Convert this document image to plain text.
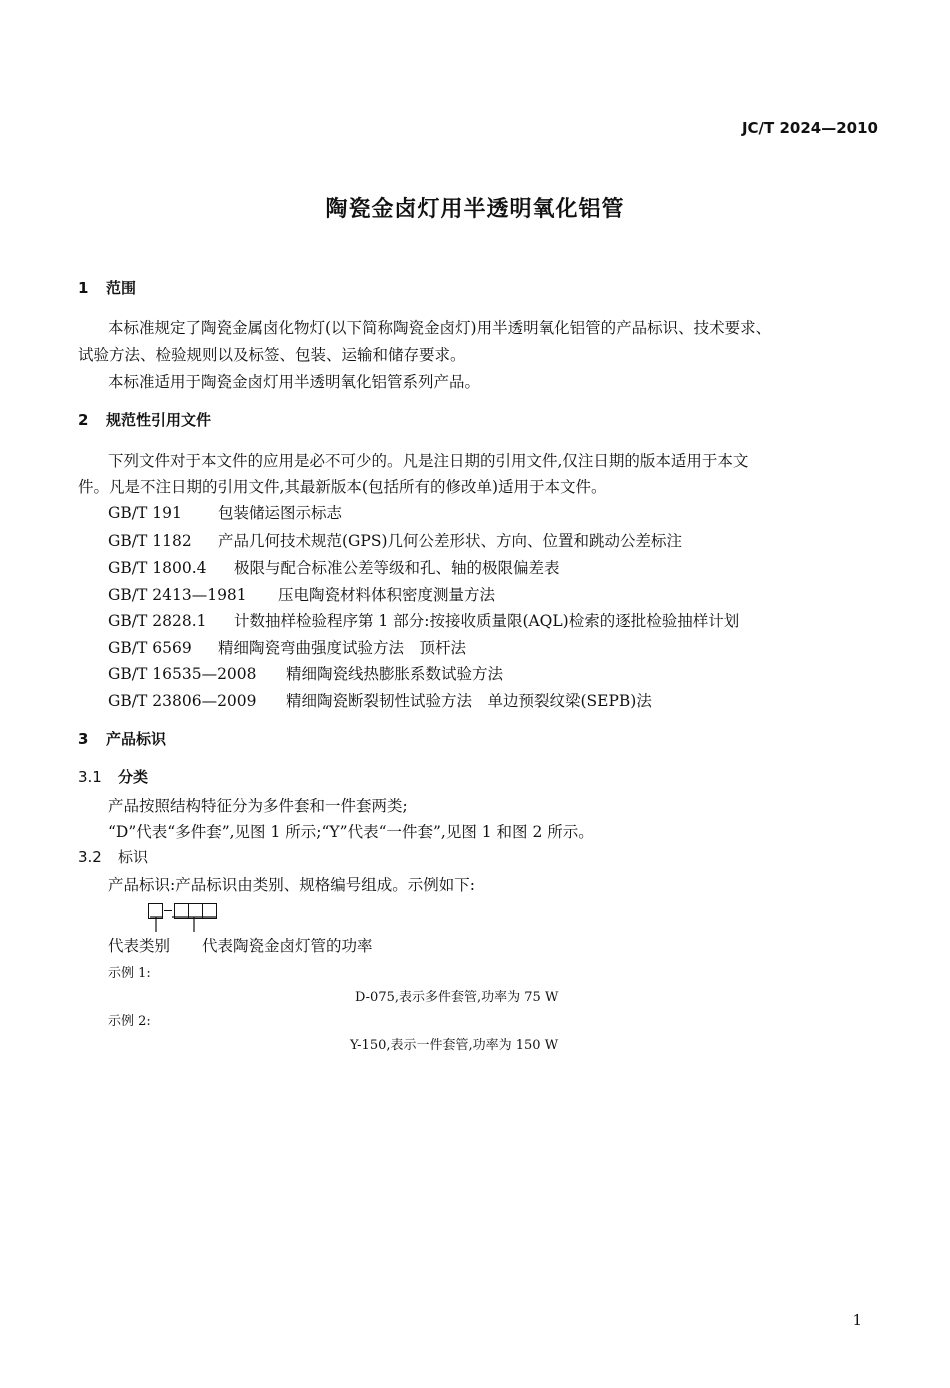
JC/T 2024—2010
陶瓷金卤灯用半透明氧化铝管
1 范围
本标准规定了陶瓷金属卤化物灯(以下简称陶瓷金卤灯)用半透明氧化铝管的产品标识、技术要求、
试验方法、检验规则以及标签、包装、运输和储存要求。
本标准适用于陶瓷金卤灯用半透明氧化铝管系列产品。
2 规范性引用文件
下列文件对于本文件的应用是必不可少的。凡是注日期的引用文件,仅注日期的版本适用于本文
件。凡是不注日期的引用文件,其最新版本(包括所有的修改单)适用于本文件。
GB/T 191 包装储运图示标志
GB/T 1182 产品几何技术规范(GPS)几何公差形状、方向、位置和跳动公差标注
GB/T 1800.4 极限与配合标准公差等级和孔、轴的极限偏差表
GB/T 2413—1981 压电陶瓷材料体积密度测量方法
GB/T 2828.1 计数抽样检验程序第 1 部分:按接收质量限(AQL)检索的逐批检验抽样计划
GB/T 6569 精细陶瓷弯曲强度试验方法　顶杆法
GB/T 16535—2008 精细陶瓷线热膨胀系数试验方法
GB/T 23806—2009 精细陶瓷断裂韧性试验方法　单边预裂纹梁(SEPB)法
3 产品标识
3.1 分类
产品按照结构特征分为多件套和一件套两类;
“D”代表“多件套”,见图 1 所示;“Y”代表“一件套”,见图 1 和图 2 所示。
3.2 标识
产品标识:产品标识由类别、规格编号组成。示例如下:
代表类别 代表陶瓷金卤灯管的功率
示例 1:
D-075,表示多件套管,功率为 75 W
示例 2:
Y-150,表示一件套管,功率为 150 W
1
